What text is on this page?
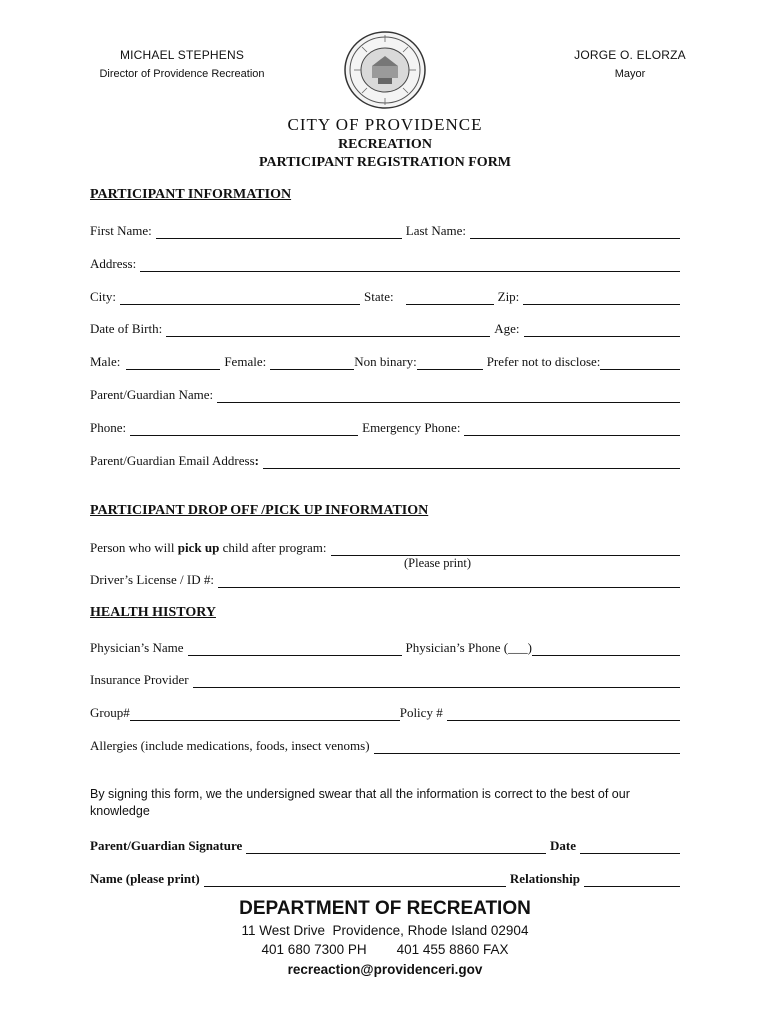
MICHAEL STEPHENS
Director of Providence Recreation
JORGE O. ELORZA
Mayor
CITY OF PROVIDENCE
RECREATION
PARTICIPANT REGISTRATION FORM
PARTICIPANT INFORMATION
First Name:	Last Name:
Address:
City:	State:	Zip:
Date of Birth:	Age:
Male:	Female:	Non binary:	Prefer not to disclose:
Parent/Guardian Name:
Phone:	Emergency Phone:
Parent/Guardian Email Address:
PARTICIPANT DROP OFF /PICK UP INFORMATION
Person who will pick up child after program:
(Please print)
Driver’s License / ID #:
HEALTH HISTORY
Physician’s Name	Physician’s Phone (___)
Insurance Provider
Group#	Policy #
Allergies (include medications, foods, insect venoms)
By signing this form, we the undersigned swear that all the information is correct to the best of our knowledge
Parent/Guardian Signature	Date
Name (please print)	Relationship
DEPARTMENT OF RECREATION
11 West Drive  Providence, Rhode Island 02904
401 680 7300 PH        401 455 8860 FAX
recreaction@providenceri.gov
